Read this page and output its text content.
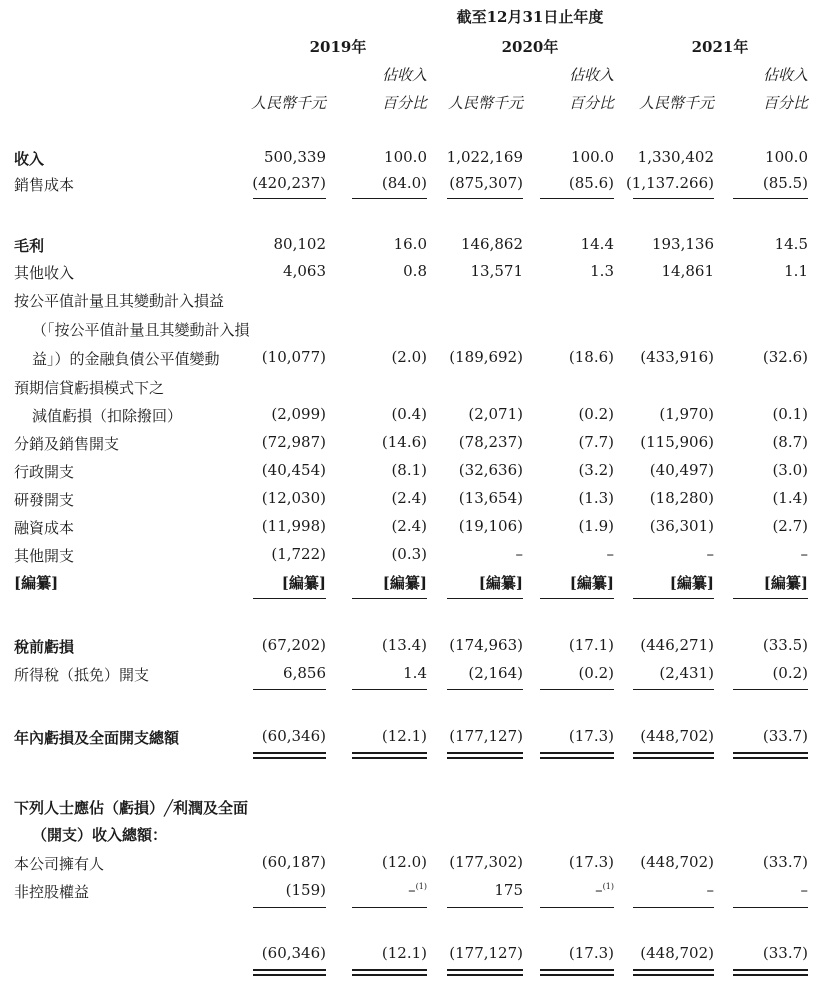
截至12月31日止年度
2019年	2020年	2021年
佔收入	佔收入	佔收入
人民幣千元	百分比 人民幣千元	百分比 人民幣千元	百分比
收入	500,339	100.0 1,022,169	100.0 1,330,402	100.0
銷售成本	(420,237)	(84.0) (875,307)	(85.6) (1,137.266)	(85.5)
毛利	80,102	16.0 146,862	14.4	193,136	14.5
其他收入	4,063	0.8	13,571	1.3	14,861	1.1
按公平值計量且其變動計入損益
（「按公平值計量且其變動計入損
益」）的金融負債公平值變動	(10,077)	(2.0) (189,692)	(18.6) (433,916)	(32.6)
預期信貸虧損模式下之
減值虧損（扣除撥回）	(2,099)	(0.4)	(2,071)	(0.2)	(1,970)	(0.1)
分銷及銷售開支	(72,987)	(14.6) (78,237)	(7.7) (115,906)	(8.7)
行政開支	(40,454)	(8.1) (32,636)	(3.2) (40,497)	(3.0)
研發開支	(12,030)	(2.4) (13,654)	(1.3) (18,280)	(1.4)
融資成本	(11,998)	(2.4) (19,106)	(1.9) (36,301)	(2.7)
其他開支	(1,722)	(0.3)	–	–	–	–
[編纂]	[編纂]	[編纂]	[編纂]	[編纂]	[編纂]	[編纂]
稅前虧損	(67,202)	(13.4) (174,963)	(17.1) (446,271)	(33.5)
所得稅（抵免）開支	6,856	1.4	(2,164)	(0.2)	(2,431)	(0.2)
年內虧損及全面開支總額	(60,346)	(12.1) (177,127)	(17.3) (448,702)	(33.7)
下列人士應佔（虧損）╱利潤及全面
（開支）收入總額：
本公司擁有人	(60,187)	(12.0) (177,302)	(17.3) (448,702)	(33.7)
非控股權益	(159)	–$^{(1)}$	175	–$^{(1)}$	–	–
(60,346)	(12.1) (177,127)	(17.3) (448,702)	(33.7)
